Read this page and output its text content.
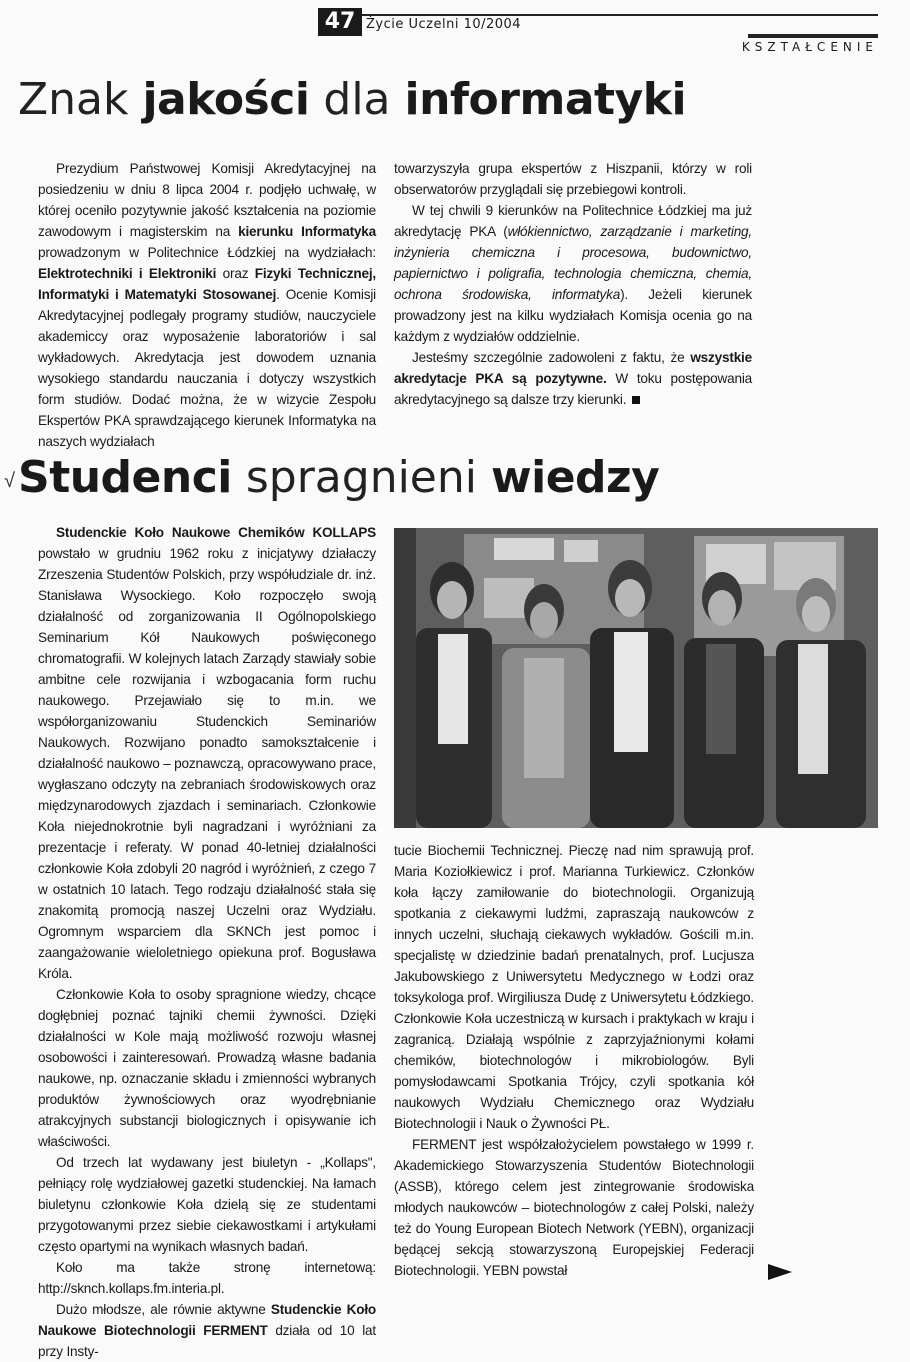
47 Życie Uczelni 10/2004
KSZTAŁCENIE
Znak jakości dla informatyki

Prezydium Państwowej Komisji Akredytacyjnej na posiedzeniu w dniu 8 lipca 2004 r. podjęło uchwałę, w której oceniło pozytywnie jakość kształcenia na poziomie zawodowym i magisterskim na kierunku Informatyka prowadzonym w Politechnice Łódzkiej na wydziałach: Elektrotechniki i Elektroniki oraz Fizyki Technicznej, Informatyki i Matematyki Stosowanej. Ocenie Komisji Akredytacyjnej podlegały programy studiów, nauczyciele akademiccy oraz wyposażenie laboratoriów i sal wykładowych. Akredytacja jest dowodem uznania wysokiego standardu nauczania i dotyczy wszystkich form studiów. Dodać można, że w wizycie Zespołu Ekspertów PKA sprawdzającego kierunek Informatyka na naszych wydziałach

towarzyszyła grupa ekspertów z Hiszpanii, którzy w roli obserwatorów przyglądali się przebiegowi kontroli.

W tej chwili 9 kierunków na Politechnice Łódzkiej ma już akredytację PKA (włókiennictwo, zarządzanie i marketing, inżynieria chemiczna i procesowa, budownictwo, papiernictwo i poligrafia, technologia chemiczna, chemia, ochrona środowiska, informatyka). Jeżeli kierunek prowadzony jest na kilku wydziałach Komisja ocenia go na każdym z wydziałów oddzielnie.

Jesteśmy szczególnie zadowoleni z faktu, że wszystkie akredytacje PKA są pozytywne. W toku postępowania akredytacyjnego są dalsze trzy kierunki.

√ Studenci spragnieni wiedzy

Studenckie Koło Naukowe Chemików KOLLAPS powstało w grudniu 1962 roku z inicjatywy działaczy Zrzeszenia Studentów Polskich, przy współudziale dr. inż. Stanisława Wysockiego. Koło rozpoczęło swoją działalność od zorganizowania II Ogólnopolskiego Seminarium Kół Naukowych poświęconego chromatografii. W kolejnych latach Zarządy stawiały sobie ambitne cele rozwijania i wzbogacania form ruchu naukowego. Przejawiało się to m.in. we współorganizowaniu Studenckich Seminariów Naukowych. Rozwijano ponadto samokształcenie i działalność naukowo – poznawczą, opracowywano prace, wygłaszano odczyty na zebraniach środowiskowych oraz międzynarodowych zjazdach i seminariach. Członkowie Koła niejednokrotnie byli nagradzani i wyróżniani za prezentacje i referaty. W ponad 40-letniej działalności członkowie Koła zdobyli 20 nagród i wyróżnień, z czego 7 w ostatnich 10 latach. Tego rodzaju działalność stała się znakomitą promocją naszej Uczelni oraz Wydziału. Ogromnym wsparciem dla SKNCh jest pomoc i zaangażowanie wieloletniego opiekuna prof. Bogusława Króla.

Członkowie Koła to osoby spragnione wiedzy, chcące dogłębniej poznać tajniki chemii żywności. Dzięki działalności w Kole mają możliwość rozwoju własnej osobowości i zainteresowań. Prowadzą własne badania naukowe, np. oznaczanie składu i zmienności wybranych produktów żywnościowych oraz wyodrębnianie atrakcyjnych substancji biologicznych i opisywanie ich właściwości.

Od trzech lat wydawany jest biuletyn - „Kollaps", pełniący rolę wydziałowej gazetki studenckiej. Na łamach biuletynu członkowie Koła dzielą się ze studentami przygotowanymi przez siebie ciekawostkami i artykułami często opartymi na wynikach własnych badań.

Koło ma także stronę internetową: http://sknch.kollaps.fm.interia.pl.

Dużo młodsze, ale równie aktywne Studenckie Koło Naukowe Biotechnologii FERMENT działa od 10 lat przy Insty-

tucie Biochemii Technicznej. Pieczę nad nim sprawują prof. Maria Koziołkiewicz i prof. Marianna Turkiewicz. Członków koła łączy zamiłowanie do biotechnologii. Organizują spotkania z ciekawymi ludźmi, zapraszają naukowców z innych uczelni, słuchają ciekawych wykładów. Gościli m.in. specjalistę w dziedzinie badań prenatalnych, prof. Lucjusza Jakubowskiego z Uniwersytetu Medycznego w Łodzi oraz toksykologa prof. Wirgiliusza Dudę z Uniwersytetu Łódzkiego. Członkowie Koła uczestniczą w kursach i praktykach w kraju i zagranicą. Działają wspólnie z zaprzyjaźnionymi kołami chemików, biotechnologów i mikrobiologów. Byli pomysłodawcami Spotkania Trójcy, czyli spotkania kół naukowych Wydziału Chemicznego oraz Wydziału Biotechnologii i Nauk o Żywności PŁ.

FERMENT jest współzałożycielem powstałego w 1999 r. Akademickiego Stowarzyszenia Studentów Biotechnologii (ASSB), którego celem jest zintegrowanie środowiska młodych naukowców – biotechnologów z całej Polski, należy też do Young European Biotech Network (YEBN), organizacji będącej sekcją stowarzyszoną Europejskiej Federacji Biotechnologii. YEBN powstał
